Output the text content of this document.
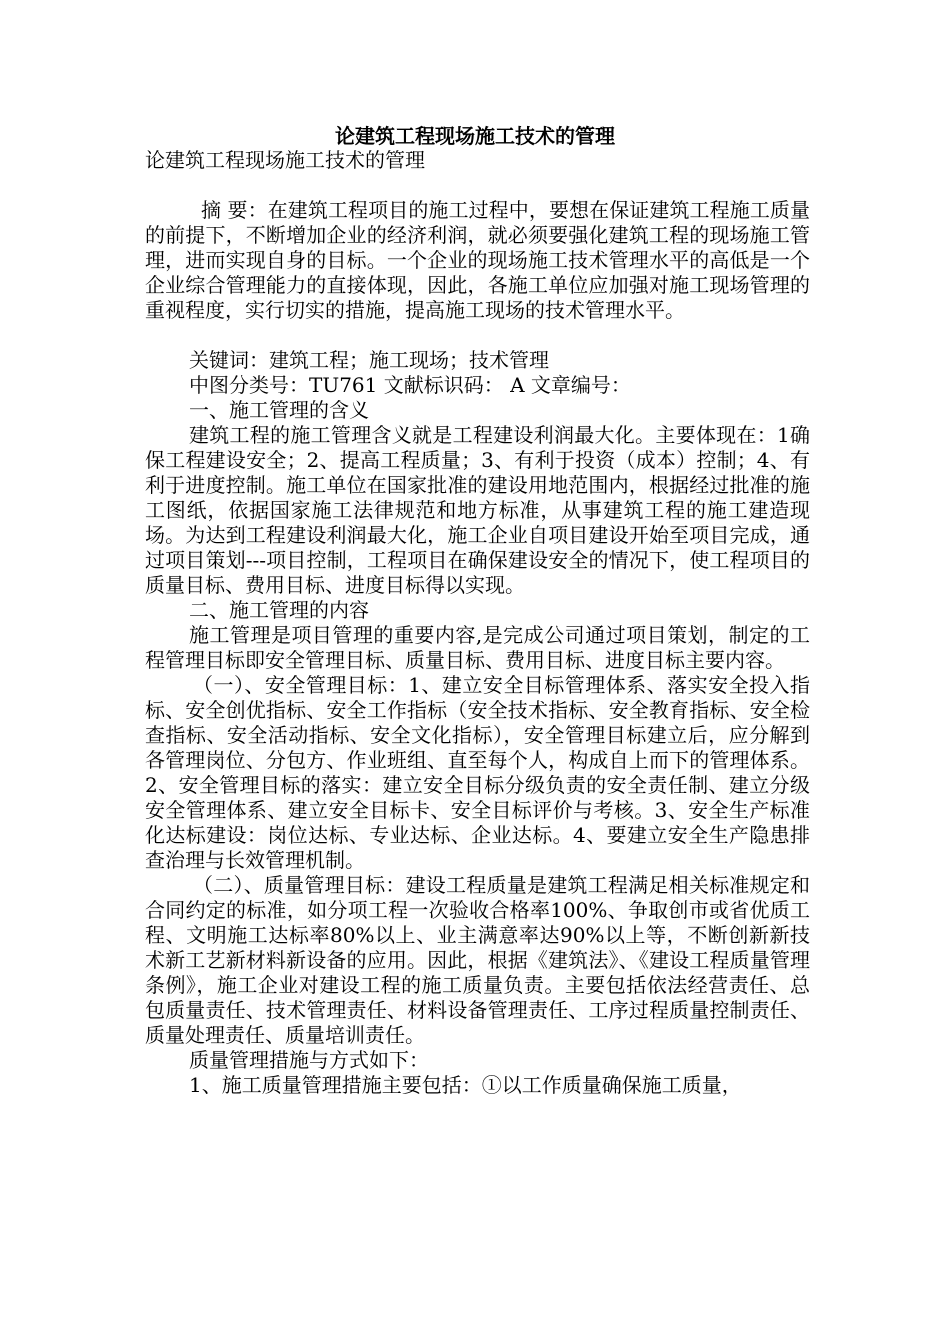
论建筑工程现场施工技术的管理

论建筑工程现场施工技术的管理

摘 要：在建筑工程项目的施工过程中，要想在保证建筑工程施工质量的前提下，不断增加企业的经济利润，就必须要强化建筑工程的现场施工管理，进而实现自身的目标。一个企业的现场施工技术管理水平的高低是一个企业综合管理能力的直接体现，因此，各施工单位应加强对施工现场管理的重视程度，实行切实的措施，提高施工现场的技术管理水平。

关键词：建筑工程；施工现场；技术管理

中图分类号：TU761 文献标识码： A 文章编号：

一、施工管理的含义

建筑工程的施工管理含义就是工程建设利润最大化。主要体现在：1确保工程建设安全；2、提高工程质量；3、有利于投资（成本）控制；4、有利于进度控制。施工单位在国家批准的建设用地范围内，根据经过批准的施工图纸，依据国家施工法律规范和地方标准，从事建筑工程的施工建造现场。为达到工程建设利润最大化，施工企业自项目建设开始至项目完成，通过项目策划---项目控制，工程项目在确保建设安全的情况下，使工程项目的质量目标、费用目标、进度目标得以实现。

二、施工管理的内容

施工管理是项目管理的重要内容,是完成公司通过项目策划，制定的工程管理目标即安全管理目标、质量目标、费用目标、进度目标主要内容。

（一）、安全管理目标：1、建立安全目标管理体系、落实安全投入指标、安全创优指标、安全工作指标（安全技术指标、安全教育指标、安全检查指标、安全活动指标、安全文化指标），安全管理目标建立后，应分解到各管理岗位、分包方、作业班组、直至每个人，构成自上而下的管理体系。2、安全管理目标的落实：建立安全目标分级负责的安全责任制、建立分级安全管理体系、建立安全目标卡、安全目标评价与考核。3、安全生产标准化达标建设：岗位达标、专业达标、企业达标。4、要建立安全生产隐患排查治理与长效管理机制。

（二）、质量管理目标：建设工程质量是建筑工程满足相关标准规定和合同约定的标准，如分项工程一次验收合格率100%、争取创市或省优质工程、文明施工达标率80%以上、业主满意率达90%以上等，不断创新新技术新工艺新材料新设备的应用。因此，根据《建筑法》、《建设工程质量管理条例》，施工企业对建设工程的施工质量负责。主要包括依法经营责任、总包质量责任、技术管理责任、材料设备管理责任、工序过程质量控制责任、质量处理责任、质量培训责任。

质量管理措施与方式如下：

1、施工质量管理措施主要包括：①以工作质量确保施工质量，
